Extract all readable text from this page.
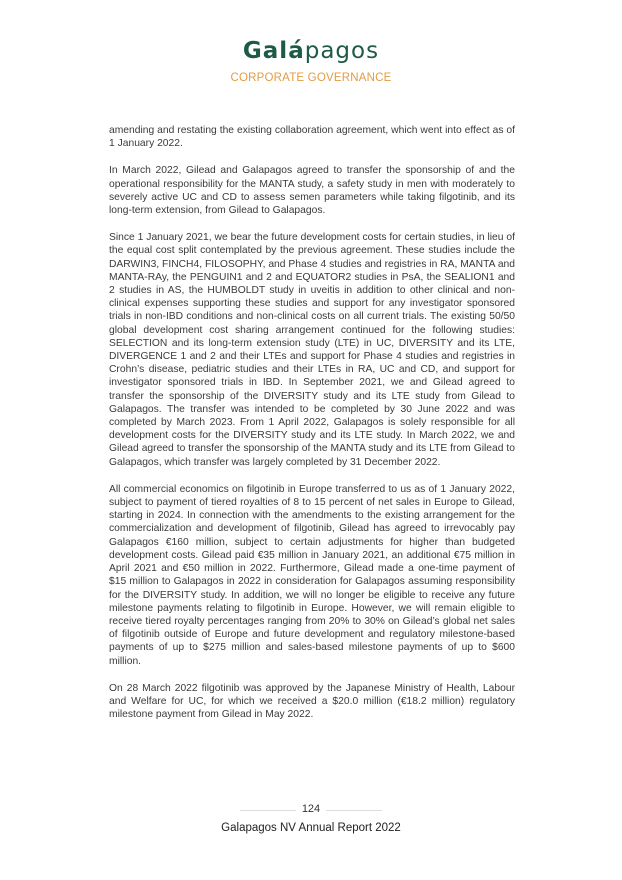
Galápagos
CORPORATE GOVERNANCE

amending and restating the existing collaboration agreement, which went into effect as of 1 January 2022.

In March 2022, Gilead and Galapagos agreed to transfer the sponsorship of and the operational responsibility for the MANTA study, a safety study in men with moderately to severely active UC and CD to assess semen parameters while taking filgotinib, and its long-term extension, from Gilead to Galapagos.

Since 1 January 2021, we bear the future development costs for certain studies, in lieu of the equal cost split contemplated by the previous agreement. These studies include the DARWIN3, FINCH4, FILOSOPHY, and Phase 4 studies and registries in RA, MANTA and MANTA-RAy, the PENGUIN1 and 2 and EQUATOR2 studies in PsA, the SEALION1 and 2 studies in AS, the HUMBOLDT study in uveitis in addition to other clinical and non-clinical expenses supporting these studies and support for any investigator sponsored trials in non-IBD conditions and non-clinical costs on all current trials. The existing 50/50 global development cost sharing arrangement continued for the following studies: SELECTION and its long-term extension study (LTE) in UC, DIVERSITY and its LTE, DIVERGENCE 1 and 2 and their LTEs and support for Phase 4 studies and registries in Crohn’s disease, pediatric studies and their LTEs in RA, UC and CD, and support for investigator sponsored trials in IBD. In September 2021, we and Gilead agreed to transfer the sponsorship of the DIVERSITY study and its LTE study from Gilead to Galapagos. The transfer was intended to be completed by 30 June 2022 and was completed by March 2023. From 1 April 2022, Galapagos is solely responsible for all development costs for the DIVERSITY study and its LTE study. In March 2022, we and Gilead agreed to transfer the sponsorship of the MANTA study and its LTE from Gilead to Galapagos, which transfer was largely completed by 31 December 2022.

All commercial economics on filgotinib in Europe transferred to us as of 1 January 2022, subject to payment of tiered royalties of 8 to 15 percent of net sales in Europe to Gilead, starting in 2024. In connection with the amendments to the existing arrangement for the commercialization and development of filgotinib, Gilead has agreed to irrevocably pay Galapagos €160 million, subject to certain adjustments for higher than budgeted development costs. Gilead paid €35 million in January 2021, an additional €75 million in April 2021 and €50 million in 2022. Furthermore, Gilead made a one-time payment of $15 million to Galapagos in 2022 in consideration for Galapagos assuming responsibility for the DIVERSITY study. In addition, we will no longer be eligible to receive any future milestone payments relating to filgotinib in Europe. However, we will remain eligible to receive tiered royalty percentages ranging from 20% to 30% on Gilead’s global net sales of filgotinib outside of Europe and future development and regulatory milestone-based payments of up to $275 million and sales-based milestone payments of up to $600 million.

On 28 March 2022 filgotinib was approved by the Japanese Ministry of Health, Labour and Welfare for UC, for which we received a $20.0 million (€18.2 million) regulatory milestone payment from Gilead in May 2022.

124
Galapagos NV Annual Report 2022
